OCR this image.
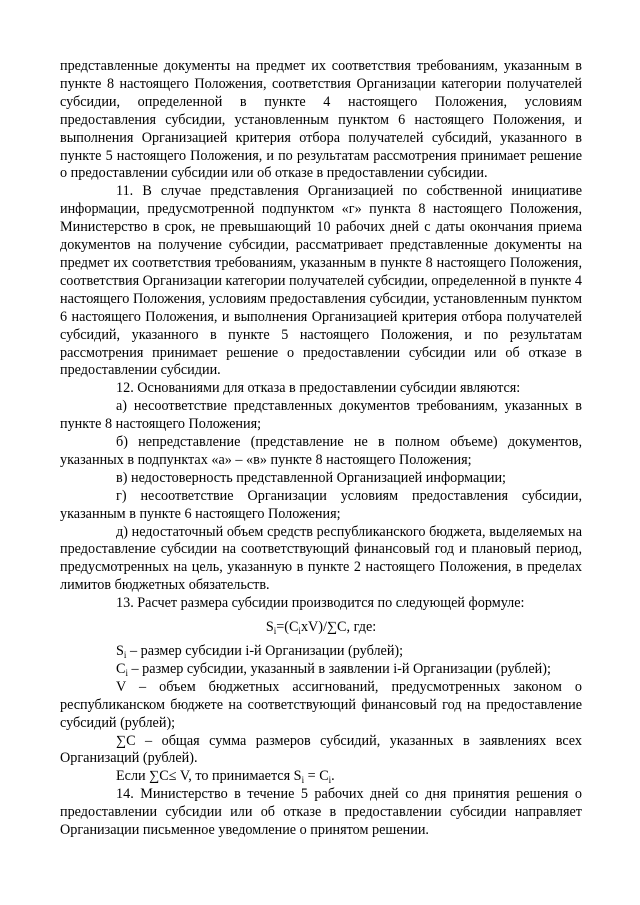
представленные документы на предмет их соответствия требованиям, указанным в пункте 8 настоящего Положения, соответствия Организации категории получателей субсидии, определенной в пункте 4 настоящего Положения, условиям предоставления субсидии, установленным пунктом 6 настоящего Положения, и выполнения Организацией критерия отбора получателей субсидий, указанного в пункте 5 настоящего Положения, и по результатам рассмотрения принимает решение о предоставлении субсидии или об отказе в предоставлении субсидии.

11. В случае представления Организацией по собственной инициативе информации, предусмотренной подпунктом «г» пункта 8 настоящего Положения, Министерство в срок, не превышающий 10 рабочих дней с даты окончания приема документов на получение субсидии, рассматривает представленные документы на предмет их соответствия требованиям, указанным в пункте 8 настоящего Положения, соответствия Организации категории получателей субсидии, определенной в пункте 4 настоящего Положения, условиям предоставления субсидии, установленным пунктом 6 настоящего Положения, и выполнения Организацией критерия отбора получателей субсидий, указанного в пункте 5 настоящего Положения, и по результатам рассмотрения принимает решение о предоставлении субсидии или об отказе в предоставлении субсидии.

12. Основаниями для отказа в предоставлении субсидии являются:

а) несоответствие представленных документов требованиям, указанных в пункте 8 настоящего Положения;

б) непредставление (представление не в полном объеме) документов, указанных в подпунктах «а» – «в» пункте 8 настоящего Положения;

в) недостоверность представленной Организацией информации;

г) несоответствие Организации условиям предоставления субсидии, указанным в пункте 6 настоящего Положения;

д) недостаточный объем средств республиканского бюджета, выделяемых на предоставление субсидии на соответствующий финансовый год и плановый период, предусмотренных на цель, указанную в пункте 2 настоящего Положения, в пределах лимитов бюджетных обязательств.

13. Расчет размера субсидии производится по следующей формуле:

$S_i=(C_ixV)/\sum C$, где:

$S_i$ – размер субсидии i-й Организации (рублей);

$C_i$ – размер субсидии, указанный в заявлении i-й Организации (рублей);

V – объем бюджетных ассигнований, предусмотренных законом о республиканском бюджете на соответствующий финансовый год на предоставление субсидий (рублей);

∑C – общая сумма размеров субсидий, указанных в заявлениях всех Организаций (рублей).

Если ∑C≤ V, то принимается $S_i = C_i$.

14. Министерство в течение 5 рабочих дней со дня принятия решения о предоставлении субсидии или об отказе в предоставлении субсидии направляет Организации письменное уведомление о принятом решении.
